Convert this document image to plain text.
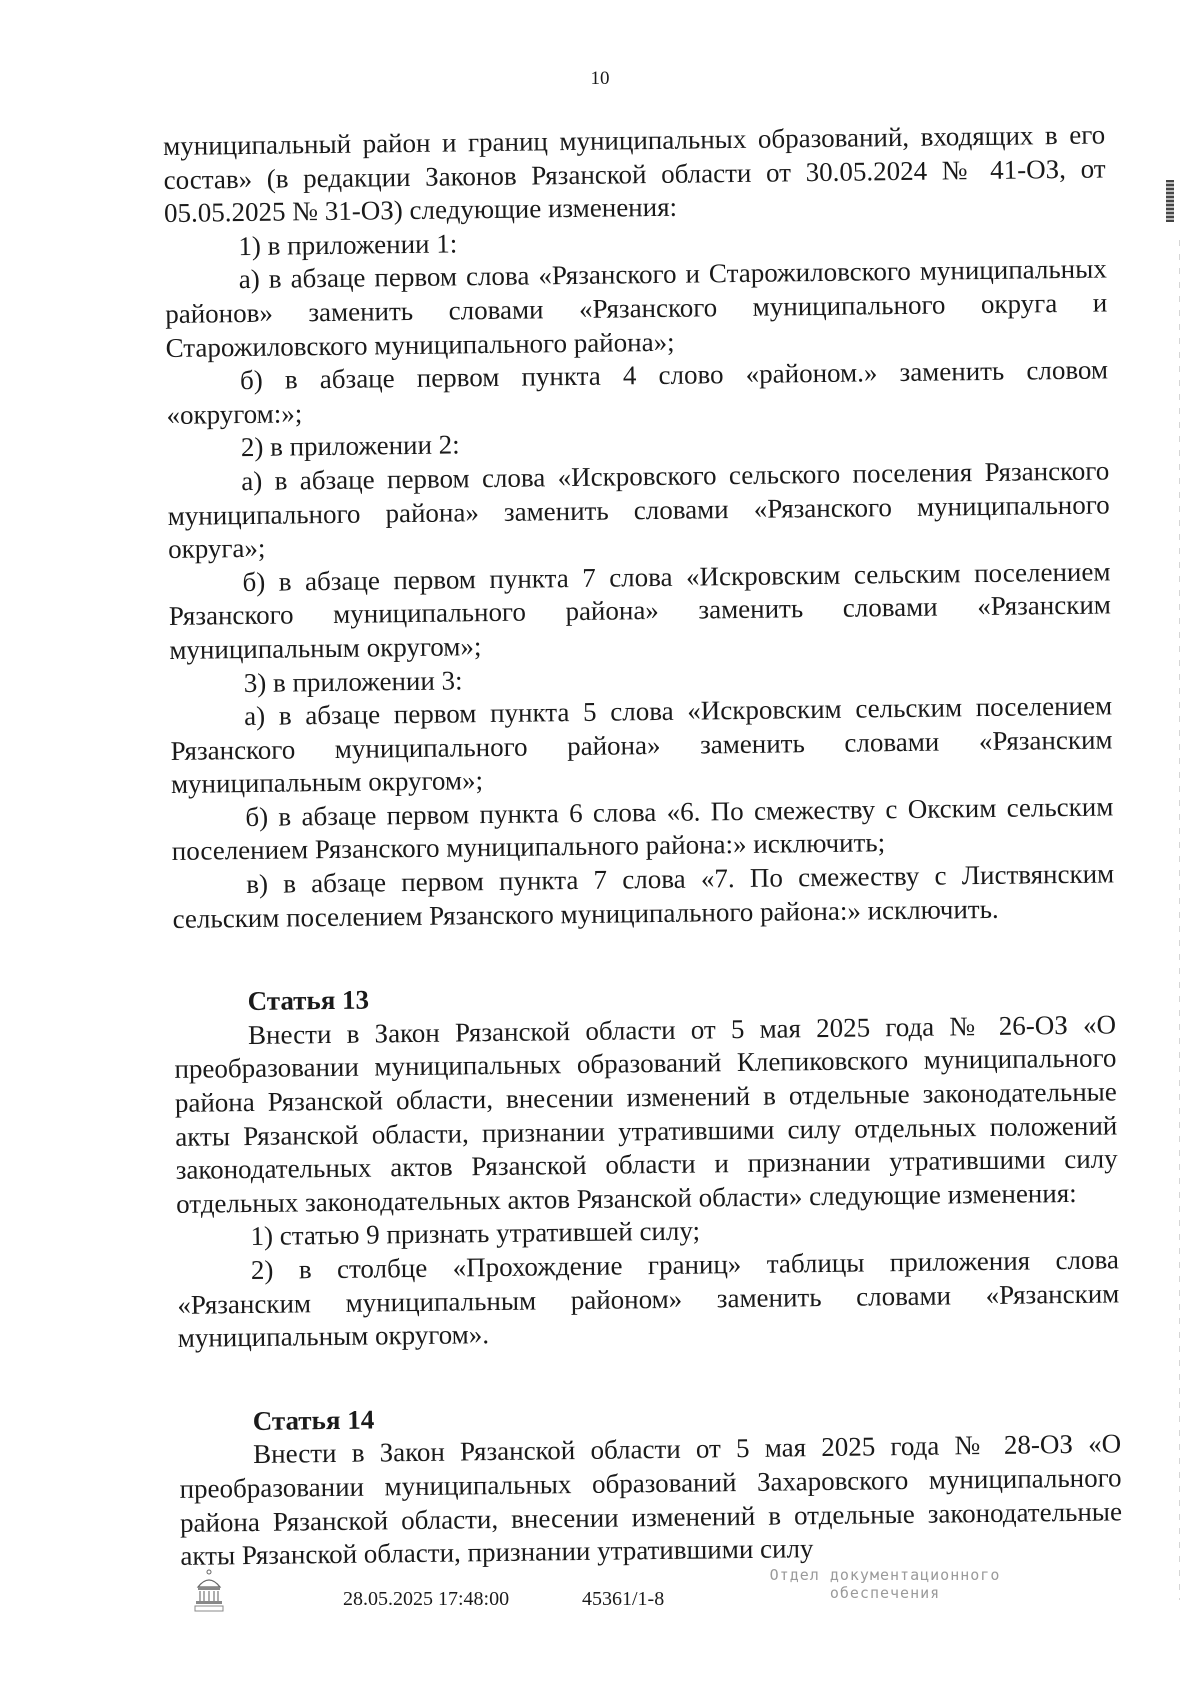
10

муниципальный район и границ муниципальных образований, входящих в его состав» (в редакции Законов Рязанской области от 30.05.2024 № 41-ОЗ, от 05.05.2025 № 31-ОЗ) следующие изменения:

1) в приложении 1:

а) в абзаце первом слова «Рязанского и Старожиловского муниципальных районов» заменить словами «Рязанского муниципального округа и Старожиловского муниципального района»;

б) в абзаце первом пункта 4 слово «районом.» заменить словом «округом:»;

2) в приложении 2:

а) в абзаце первом слова «Искровского сельского поселения Рязанского муниципального района» заменить словами «Рязанского муниципального округа»;

б) в абзаце первом пункта 7 слова «Искровским сельским поселением Рязанского муниципального района» заменить словами «Рязанским муниципальным округом»;

3) в приложении 3:

а) в абзаце первом пункта 5 слова «Искровским сельским поселением Рязанского муниципального района» заменить словами «Рязанским муниципальным округом»;

б) в абзаце первом пункта 6 слова «6. По смежеству с Окским сельским поселением Рязанского муниципального района:» исключить;

в) в абзаце первом пункта 7 слова «7. По смежеству с Листвянским сельским поселением Рязанского муниципального района:» исключить.

Статья 13

Внести в Закон Рязанской области от 5 мая 2025 года № 26-ОЗ «О преобразовании муниципальных образований Клепиковского муниципального района Рязанской области, внесении изменений в отдельные законодательные акты Рязанской области, признании утратившими силу отдельных положений законодательных актов Рязанской области и признании утратившими силу отдельных законодательных актов Рязанской области» следующие изменения:

1) статью 9 признать утратившей силу;

2) в столбце «Прохождение границ» таблицы приложения слова «Рязанским муниципальным районом» заменить словами «Рязанским муниципальным округом».

Статья 14

Внести в Закон Рязанской области от 5 мая 2025 года № 28-ОЗ «О преобразовании муниципальных образований Захаровского муниципального района Рязанской области, внесении изменений в отдельные законодательные акты Рязанской области, признании утратившими силу

28.05.2025 17:48:00	45361/1-8
Отдел документационного
обеспечения
